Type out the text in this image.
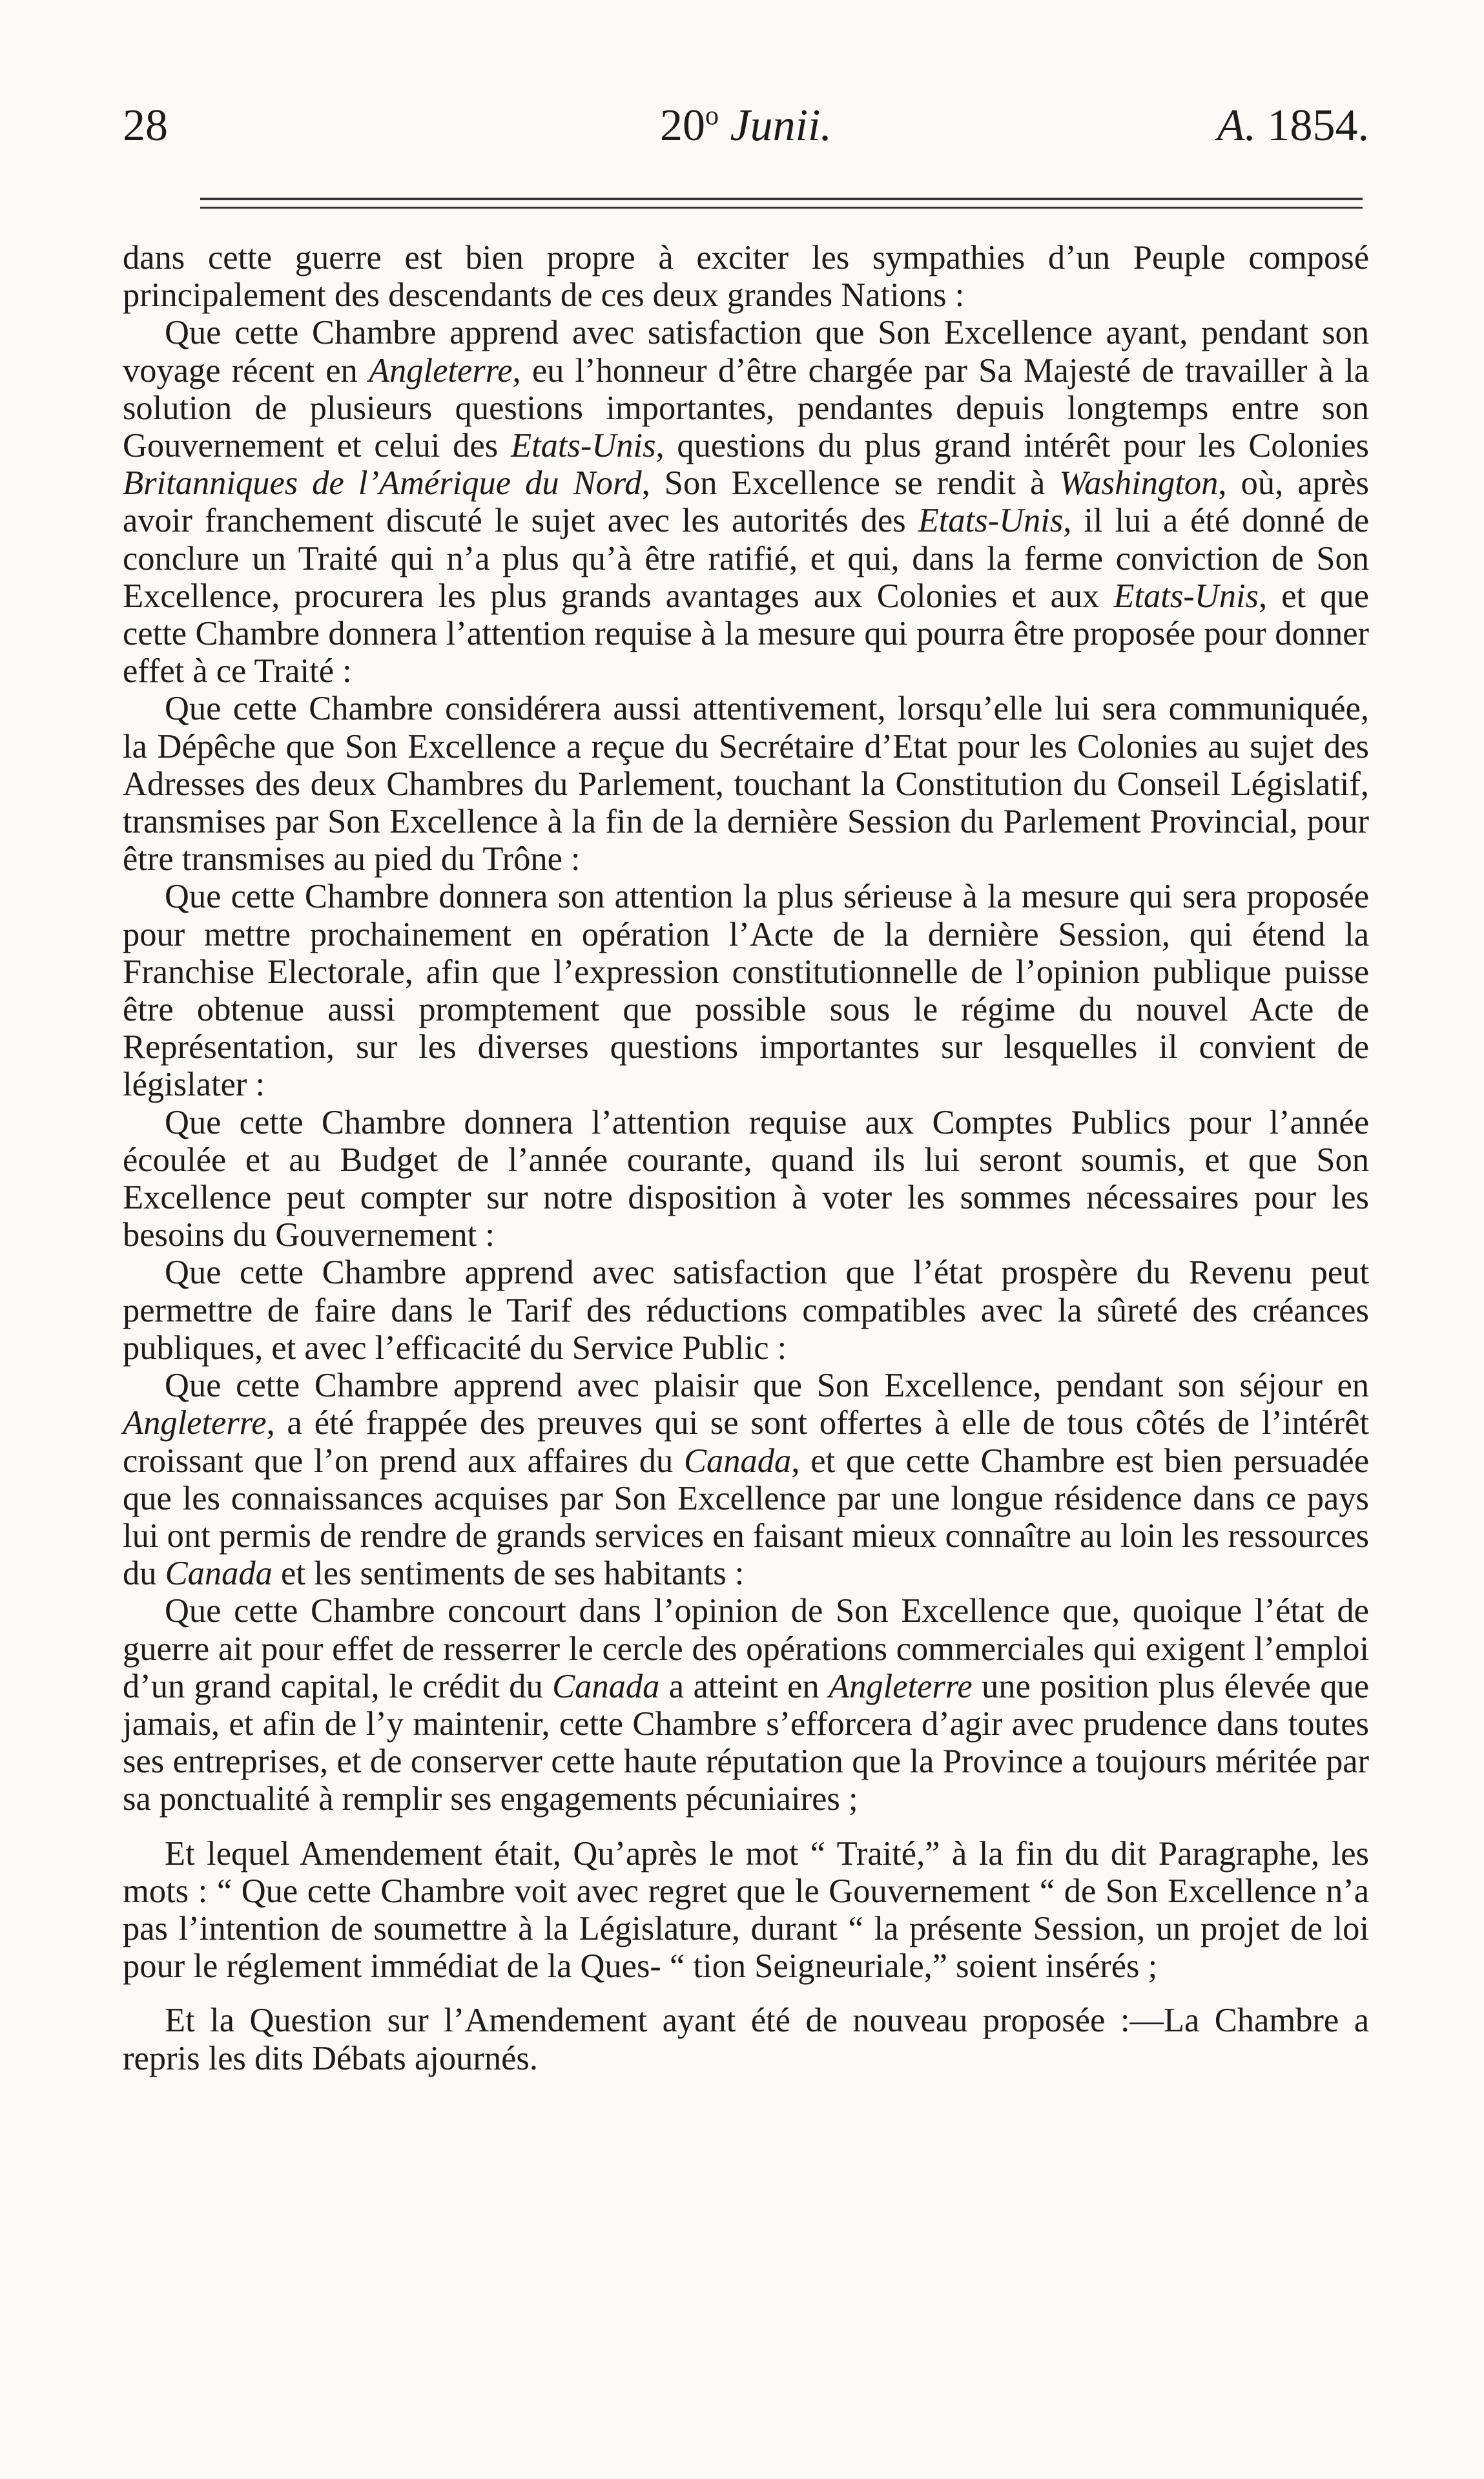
28	20$^o$ Junii.	A. 1854.

dans cette guerre est bien propre à exciter les sympathies d’un Peuple composé principalement des descendants de ces deux grandes Nations :

Que cette Chambre apprend avec satisfaction que Son Excellence ayant, pendant son voyage récent en Angleterre, eu l’honneur d’être chargée par Sa Majesté de travailler à la solution de plusieurs questions importantes, pendantes depuis longtemps entre son Gouvernement et celui des Etats-Unis, questions du plus grand intérêt pour les Colonies Britanniques de l’Amérique du Nord, Son Excellence se rendit à Washington, où, après avoir franchement discuté le sujet avec les autorités des Etats-Unis, il lui a été donné de conclure un Traité qui n’a plus qu’à être ratifié, et qui, dans la ferme conviction de Son Excellence, procurera les plus grands avantages aux Colonies et aux Etats-Unis, et que cette Chambre donnera l’attention requise à la mesure qui pourra être proposée pour donner effet à ce Traité :

Que cette Chambre considérera aussi attentivement, lorsqu’elle lui sera communiquée, la Dépêche que Son Excellence a reçue du Secrétaire d’Etat pour les Colonies au sujet des Adresses des deux Chambres du Parlement, touchant la Constitution du Conseil Législatif, transmises par Son Excellence à la fin de la dernière Session du Parlement Provincial, pour être transmises au pied du Trône :

Que cette Chambre donnera son attention la plus sérieuse à la mesure qui sera proposée pour mettre prochainement en opération l’Acte de la dernière Session, qui étend la Franchise Electorale, afin que l’expression constitutionnelle de l’opinion publique puisse être obtenue aussi promptement que possible sous le régime du nouvel Acte de Représentation, sur les diverses questions importantes sur lesquelles il convient de législater :

Que cette Chambre donnera l’attention requise aux Comptes Publics pour l’année écoulée et au Budget de l’année courante, quand ils lui seront soumis, et que Son Excellence peut compter sur notre disposition à voter les sommes nécessaires pour les besoins du Gouvernement :

Que cette Chambre apprend avec satisfaction que l’état prospère du Revenu peut permettre de faire dans le Tarif des réductions compatibles avec la sûreté des créances publiques, et avec l’efficacité du Service Public :

Que cette Chambre apprend avec plaisir que Son Excellence, pendant son séjour en Angleterre, a été frappée des preuves qui se sont offertes à elle de tous côtés de l’intérêt croissant que l’on prend aux affaires du Canada, et que cette Chambre est bien persuadée que les connaissances acquises par Son Excellence par une longue résidence dans ce pays lui ont permis de rendre de grands services en faisant mieux connaître au loin les ressources du Canada et les sentiments de ses habitants :

Que cette Chambre concourt dans l’opinion de Son Excellence que, quoique l’état de guerre ait pour effet de resserrer le cercle des opérations commerciales qui exigent l’emploi d’un grand capital, le crédit du Canada a atteint en Angleterre une position plus élevée que jamais, et afin de l’y maintenir, cette Chambre s’efforcera d’agir avec prudence dans toutes ses entreprises, et de conserver cette haute réputation que la Province a toujours méritée par sa ponctualité à remplir ses engagements pécuniaires ;

Et lequel Amendement était, Qu’après le mot “ Traité,” à la fin du dit Paragraphe, les mots : “ Que cette Chambre voit avec regret que le Gouvernement “ de Son Excellence n’a pas l’intention de soumettre à la Législature, durant “ la présente Session, un projet de loi pour le réglement immédiat de la Ques- “ tion Seigneuriale,” soient insérés ;

Et la Question sur l’Amendement ayant été de nouveau proposée :—La Chambre a repris les dits Débats ajournés.
